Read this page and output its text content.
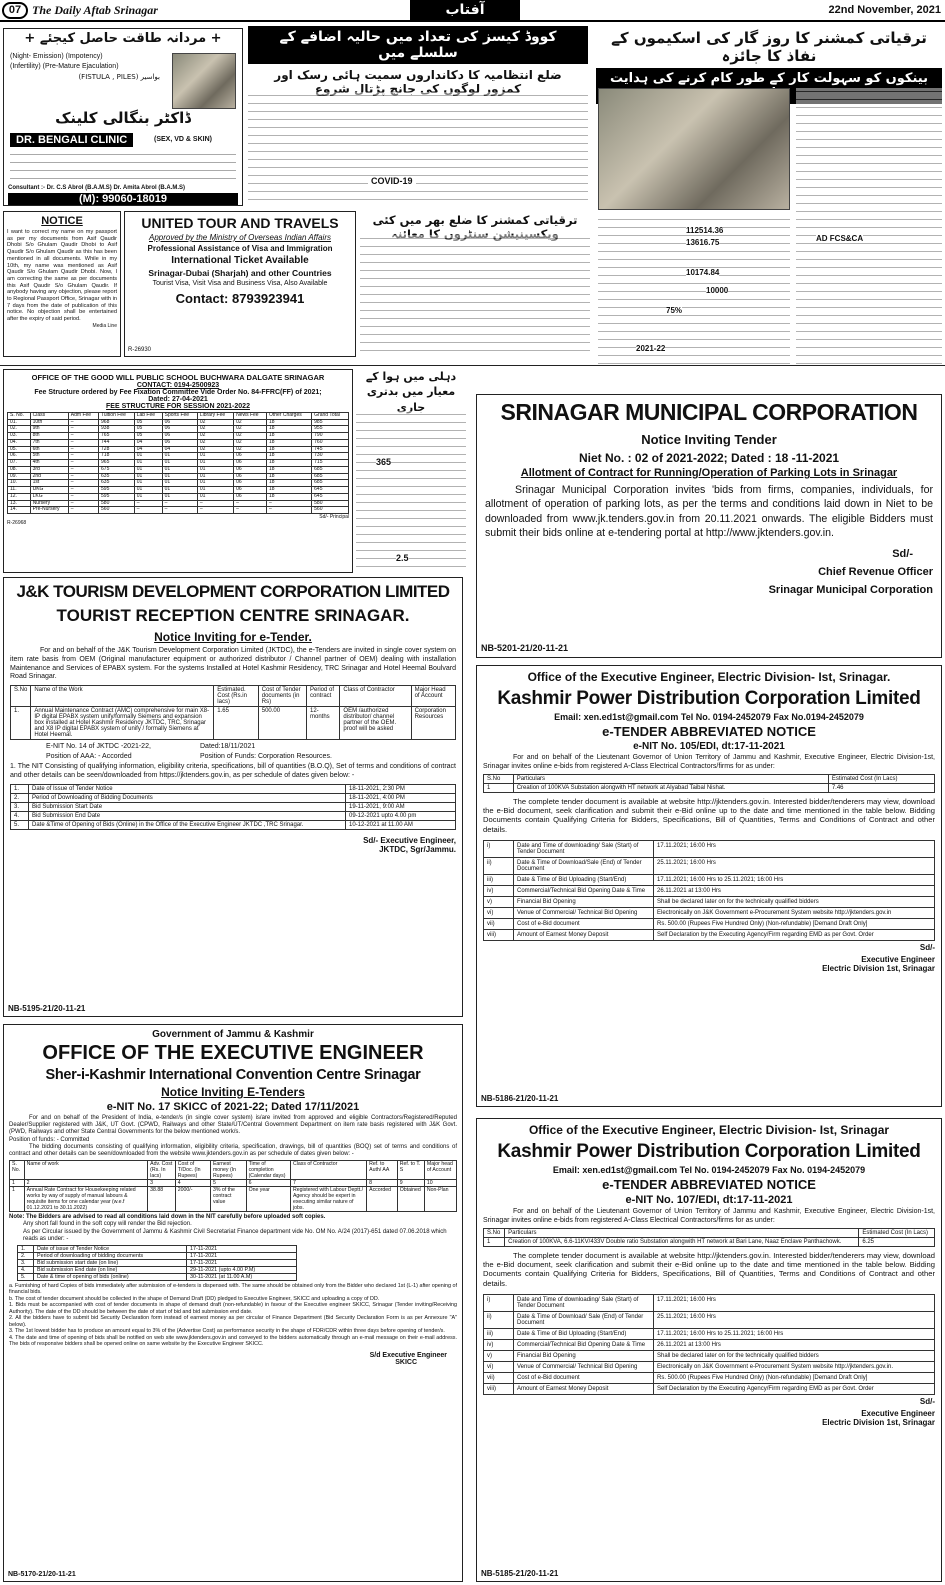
07 The Daily Aftab Srinagar	آفتاب	22nd November, 2021
+ مردانہ طاقت حاصل کیجئے +
(Night- Emission) (Impotency)
(Infertility) (Pre-Mature Ejaculation)
بواسیر (FISTULA , PILES)
ڈاکٹر بنگالی کلینک
DR. BENGALI CLINIC	(SEX, VD & SKIN)
Consultant :- Dr. C.S Abrol (B.A.M.S) Dr. Amita Abrol (B.A.M.S)
(M): 99060-18019
کووڈ کیسز کی تعداد میں حالیہ اضافے کے سلسلے میں
ضلع انتظامیہ کا دکانداروں سمیت ہائی رسک اور کمزور لوگوں کی جانچ پڑتال شروع
COVID-19
ترقیاتی کمشنر کا روز گار کی اسکیموں کے نفاذ کا جائزہ
بینکوں کو سہولت کار کے طور کام کرنے کی ہدایت
112514.36
13616.75
10174.84
10000
75%
2021-22
AD FCS&CA
NOTICE
I want to correct my name on my passport as per my documents from Asif Qaudir Dhobi S/o Ghulam Qaudir Dhobi to Asif Qaudir S/o Ghulam Qaudir as this has been mentioned in all documents. While in my 10th, my name was mentioned as Asif Qaudir S/o Ghulam Qaudir Dhobi. Now, I am correcting the same as per documents this Asif Qaudir S/o Ghulam Qaudir. If anybody having any objection, please report to Regional Passport Office, Srinagar with in 7 days from the date of publication of this notice. No objection shall be entertained after the expiry of said period.
Media Line
UNITED TOUR AND TRAVELS
Approved by the Ministry of Overseas Indian Affairs
Professional Assistance of Visa and Immigration
International Ticket Available
Srinagar-Dubai (Sharjah) and other Countries
Tourist Visa, Visit Visa and Business Visa, Also Available
Contact: 8793923941
R-26930
ترقیاتی کمشنر کا ضلع بھر میں کئی ویکسینیشن سنٹروں کا معائنہ
OFFICE OF THE GOOD WILL PUBLIC SCHOOL BUCHWARA DALGATE SRINAGAR
CONTACT: 0194-2500923
Fee Structure ordered by Fee Fixation Committee Vide Order No. 84-FFRC(FF) of 2021;
Dated: 27-04-2021
FEE STRUCTURE FOR SESSION 2021-2022
S. No.	Class	Adm Fee	Tuition Fee	Lab Fee	Sports Fee	Library Fee	News Fee	Other Charges	Grand Total
01.	10th	–	968	05	06	02	02	18	985
02.	9th	–	938	05	06	02	02	18	955
03.	8th	–	765	05	06	02	02	18	790
04.	7th	–	744	04	06	02	02	18	760
05.	6th	–	728	04	04	02	02	18	745
06.	5th	–	718	01	01	01	06	18	730
07.	4th	–	965	01	01	01	06	18	715
08.	3rd	–	675	01	01	01	06	18	685
09.	2nd	–	635	01	01	01	06	18	685
10.	1st	–	635	01	01	01	06	18	685
11.	UKG	–	595	01	01	01	06	18	645
12.	LKG	–	595	01	01	01	06	18	645
13.	Nursery	–	580	–	–	–	–	–	580
14.	Pre-Nursery	–	560	–	–	–	–	–	560
Sd/- Principal
R-26968
دہلی میں ہوا کے معیار میں بدتری جاری
365
2.5
SRINAGAR MUNICIPAL CORPORATION
Notice Inviting Tender
Niet No. : 02 of 2021-2022; Dated : 18 -11-2021
Allotment of Contract for Running/Operation of Parking Lots in Srinagar
Srinagar Municipal Corporation invites 'bids from firms, companies, individuals, for allotment of operation of parking lots, as per the terms and conditions laid down in Niet to be downloaded from www.jk.tenders.gov.in from 20.11.2021 onwards. The eligible Bidders must submit their bids online at e-tendering portal at http://www.jktenders.gov.in.
Sd/-
Chief Revenue Officer
Srinagar Municipal Corporation
NB-5201-21/20-11-21
J&K TOURISM DEVELOPMENT CORPORATION LIMITED
TOURIST RECEPTION CENTRE SRINAGAR.
Notice Inviting for e-Tender.
For and on behalf of the J&K Tourism Development Corporation Limited (JKTDC), the e-Tenders are invited in single cover system on item rate basis from OEM (Original manufacturer equipment or authorized distributor / Channel partner of OEM) dealing with installation Maintenance and Services of EPABX system. For the systems Installed at Hotel Kashmir Residency, TRC Srinagar and Hotel Heemal Boulvard Road Srinagar.
S.No	Name of the Work	Estimated. Cost (Rs.in lacs)	Cost of Tender documents (in Rs)	Period of contract	Class of Contractor	Major Head of Account
1.	Annual Maintenance Contract (AMC) comprehensive for main X8-IP digital EPABX system unify/formally Siemens and expansion box installed at Hotel Kashmir Residency JKTDC, TRC, Srinagar and X8 IP digital EPABX system of unify / formally Siemens at Hotel Heemal.	1.65	500.00	12-months	OEM /authorized distributor/ channel partner of the OEM. proof will be asked	Corporation Resources
E-NIT No. 14 of JKTDC -2021-22,	Dated:18/11/2021
Position of AAA: - Accorded	Position of Funds: Corporation Resources.
1. The NIT Consisting of qualifying information, eligibility criteria, specifications, bill of quantities (B.O.Q), Set of terms and conditions of contract and other details can be seen/downloaded from https://jktenders.gov.in, as per schedule of dates given below: -
1.	Date of Issue of Tender Notice	18-11-2021, 2:30 PM
2.	Period of Downloading of Bidding Documents	18-11-2021, 4:00 PM
3.	Bid Submission Start Date	19-11-2021, 9:00 AM
4.	Bid Submission End Date	09-12-2021 upto 4.00 pm
5.	Date &Time of Opening of Bids (Online) in the Office of the Executive Engineer JKTDC ,TRC Srinagar.	10-12-2021 at 11.00 AM
Sd/- Executive Engineer,
JKTDC, Sgr/Jammu.
NB-5195-21/20-11-21
Office of the Executive Engineer, Electric Division- Ist, Srinagar.
Kashmir Power Distribution Corporation Limited
Email: xen.ed1st@gmail.com Tel No. 0194-2452079 Fax No.0194-2452079
e-TENDER ABBREVIATED NOTICE
e-NIT No. 105/EDI, dt:17-11-2021
For and on behalf of the Lieutenant Governor of Union Territory of Jammu and Kashmir, Executive Engineer, Electric Division-1st, Srinagar invites online e-bids from registered A-Class Electrical Contractors/firms for as under:
S.No	Particulars	Estimated Cost (In Lacs)
1	Creation of 100KVA Substation alongwith HT network at Alyabad Taibal Nishat.	7.46
The complete tender document is available at website http://jktenders.gov.in. Interested bidder/tenderers may view, download the e-Bid document, seek clarification and submit their e-Bid online up to the date and time mentioned in the table below. Bidding Documents contain Qualifying Criteria for Bidders, Specifications, Bill of Quantities, Terms and Conditions of Contract and other details.
i)	Date and Time of downloading/ Sale (Start) of Tender Document	17.11.2021; 16:00 Hrs
ii)	Date & Time of Download/Sale (End) of Tender Document	25.11.2021; 16:00 Hrs
iii)	Date & Time of Bid Uploading (Start/End)	17.11.2021; 16:00 Hrs to 25.11.2021; 16:00 Hrs
iv)	Commercial/Technical Bid Opening Date & Time	26.11.2021 at 13:00 Hrs
v)	Financial Bid Opening	Shall be declared later on for the technically qualified bidders
vi)	Venue of Commercial/ Technical Bid Opening	Electronically on J&K Government e-Procurement System website http://jktenders.gov.in
vii)	Cost of e-Bid document	Rs. 500.00 (Rupees Five Hundred Only) (Non-refundable) [Demand Draft Only]
viii)	Amount of Earnest Money Deposit	Self Declaration by the Executing Agency/Firm regarding EMD as per Govt. Order
Sd/-
Executive Engineer
Electric Division 1st, Srinagar
NB-5186-21/20-11-21
Government of Jammu & Kashmir
OFFICE OF THE EXECUTIVE ENGINEER
Sher-i-Kashmir International Convention Centre Srinagar
Notice Inviting E-Tenders
e-NIT No. 17 SKICC of 2021-22; Dated 17/11/2021
For and on behalf of the President of India, e-tender/s (in single cover system) is/are invited from approved and eligible Contractors/Registered/Reputed Dealer/Supplier registered with J&K, UT Govt. (CPWD, Railways and other State/UT/Central Government Department on item rate basis registered with J&K Govt. (PWD, Railways and other State Central Governments for the below mentioned work/s.
Position of funds: - Committed
The bidding documents consisting of qualifying information, eligibility criteria, specification, drawings, bill of quantities (BOQ) set of terms and conditions of contract and other details can be seen/downloaded from the website www.jktenders.gov.in as per schedule of dates given below: -
S. No.	Name of work	Adv. Cost (Rs. In lacs)	Cost of T/Doc. (In Rupees)	Earnest money (In Rupees)	Time of completion (Calendar days)	Class of Contractor	Ref. to Auth/ AA	Ref. to T. S	Major head of Account
1	2	3	4	5	6	7	8	9	10
1	Annual Rate Contract for Housekeeping related works by way of supply of manual labours & requisite items for one calendar year (w.e.f 01.12.2021 to 30.11.2022)	38.88	2000/-	3% of the contract value	One year	Registered with Labour Deptt./ Agency should be expert in executing similar nature of jobs.	Accorded	Obtained	Non-Plan
Note: The Bidders are advised to read all conditions laid down in the NIT carefully before uploaded soft copies.
Any short fall found in the soft copy will render the Bid rejection.
As per Circular issued by the Government of Jammu & Kashmir Civil Secretariat Finance department vide No. OM No. A/24 (2017)-651 dated 07.06.2018 which reads as under: -
1.	Date of issue of Tender Notice	17-11-2021
2.	Period of downloading of bidding documents	17-11-2021
3.	Bid submission start date (on line)	17-11-2021
4.	Bid submission End date (on line)	29-11-2021 (upto 4.00 P.M)
5.	Date & time of opening of bids (online)	30-11-2021 (at 11.00 A.M)
a. Furnishing of hard Copies of bids immediately after submission of e-tenders is dispensed with. The same should be obtained only from the Bidder who declared 1st (L-1) after opening of financial bids.
b. The cost of tender document should be collected in the shape of Demand Draft (DD) pledged to Executive Engineer, SKICC and uploading a copy of DD.
1. Bids must be accompanied with cost of tender documents in shape of demand draft (non-refundable) in favour of the Executive engineer SKICC, Srinagar (Tender inviting/Receiving Authority). The date of the DD should be between the date of start of bid and bid submission end date.
2. All the bidders have to submit bid Security Declaration form instead of earnest money as per circular of Finance Department (Bid Security Declaration Form is as per Annexure "A" below).
3. The 1st lowest bidder has to produce an amount equal to 3% of the (Advertise Cost) as performance security in the shape of FDR/CDR within three days before opening of tender/s.
4. The date and time of opening of bids shall be notified on web site www.jktenders.gov.in and conveyed to the bidders automatically through an e-mail message on their e-mail address. The bids of responsive bidders shall be opened online on same website by the Executive Engineer SKICC.
S/d Executive Engineer
SKICC
NB-5170-21/20-11-21
Office of the Executive Engineer, Electric Division- Ist, Srinagar
Kashmir Power Distribution Corporation Limited
Email: xen.ed1st@gmail.com Tel No. 0194-2452079 Fax No. 0194-2452079
e-TENDER ABBREVIATED NOTICE
e-NIT No. 107/EDI, dt:17-11-2021
For and on behalf of the Lieutenant Governor of Union Territory of Jammu and Kashmir, Executive Engineer, Electric Division-1st, Srinagar invites online e-bids from registered A-Class Electrical Contractors/firms for as under:
S.No	Particulars	Estimated Cost (In Lacs)
1	Creation of 100KVA, 6.6-11KV/433V Double ratio Substation alongwith HT network at Bari Lane, Naaz Enclave Panthachowk.	6.25
The complete tender document is available at website http://jktenders.gov.in. Interested bidder/tenderers may view, download the e-Bid document, seek clarification and submit their e-Bid online up to the date and time mentioned in the table below. Bidding Documents contain Qualifying Criteria for Bidders, Specifications, Bill of Quantities, Terms and Conditions of Contract and other details.
i)	Date and Time of downloading/ Sale (Start) of Tender Document	17.11.2021; 16:00 Hrs
ii)	Date & Time of Download/ Sale (End) of Tender Document	25.11.2021; 16:00 Hrs
iii)	Date & Time of Bid Uploading (Start/End)	17.11.2021; 16:00 Hrs to 25.11.2021; 16:00 Hrs
iv)	Commercial/Technical Bid Opening Date & Time	26.11.2021 at 13:00 Hrs
v)	Financial Bid Opening	Shall be declared later on for the technically qualified bidders
vi)	Venue of Commercial/ Technical Bid Opening	Electronically on J&K Government e-Procurement System website http://jktenders.gov.in.
vii)	Cost of e-Bid document	Rs. 500.00 (Rupees Five Hundred Only) (Non-refundable) [Demand Draft Only]
viii)	Amount of Earnest Money Deposit	Self Declaration by the Executing Agency/Firm regarding EMD as per Govt. Order
Sd/-
Executive Engineer
Electric Division 1st, Srinagar
NB-5185-21/20-11-21
